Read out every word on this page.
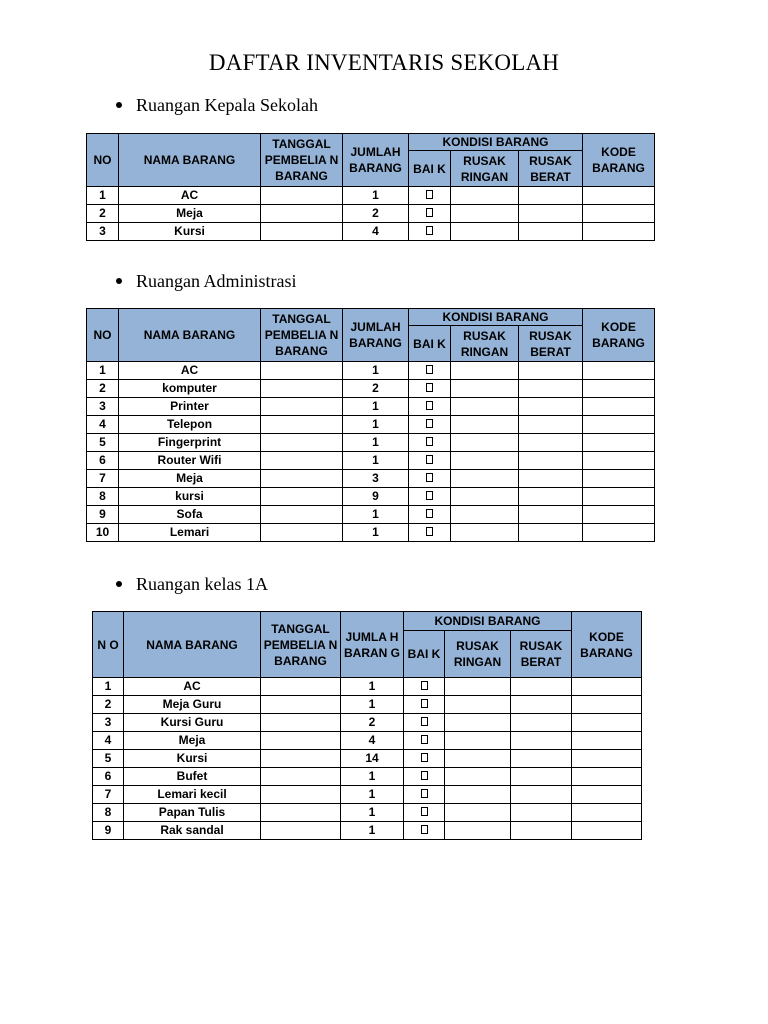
DAFTAR INVENTARIS SEKOLAH
Ruangan Kepala Sekolah
NO	NAMA BARANG	TANGGAL PEMBELIA N BARANG	JUMLAH BARANG	KONDISI BARANG			KODE BARANG
				BAI K	RUSAK RINGAN	RUSAK BERAT	
1	AC		1				
2	Meja		2				
3	Kursi		4				
Ruangan Administrasi
NO	NAMA BARANG	TANGGAL PEMBELIA N BARANG	JUMLAH BARANG	KONDISI BARANG			KODE BARANG
				BAI K	RUSAK RINGAN	RUSAK BERAT	
1	AC		1				
2	komputer		2				
3	Printer		1				
4	Telepon		1				
5	Fingerprint		1				
6	Router Wifi		1				
7	Meja		3				
8	kursi		9				
9	Sofa		1				
10	Lemari		1				
Ruangan kelas 1A
N O	NAMA BARANG	TANGGAL PEMBELIA N BARANG	JUMLA H BARAN G	KONDISI BARANG			KODE BARANG
				BAI K	RUSAK RINGAN	RUSAK BERAT	
1	AC		1				
2	Meja Guru		1				
3	Kursi Guru		2				
4	Meja		4				
5	Kursi		14				
6	Bufet		1				
7	Lemari kecil		1				
8	Papan Tulis		1				
9	Rak sandal		1				
